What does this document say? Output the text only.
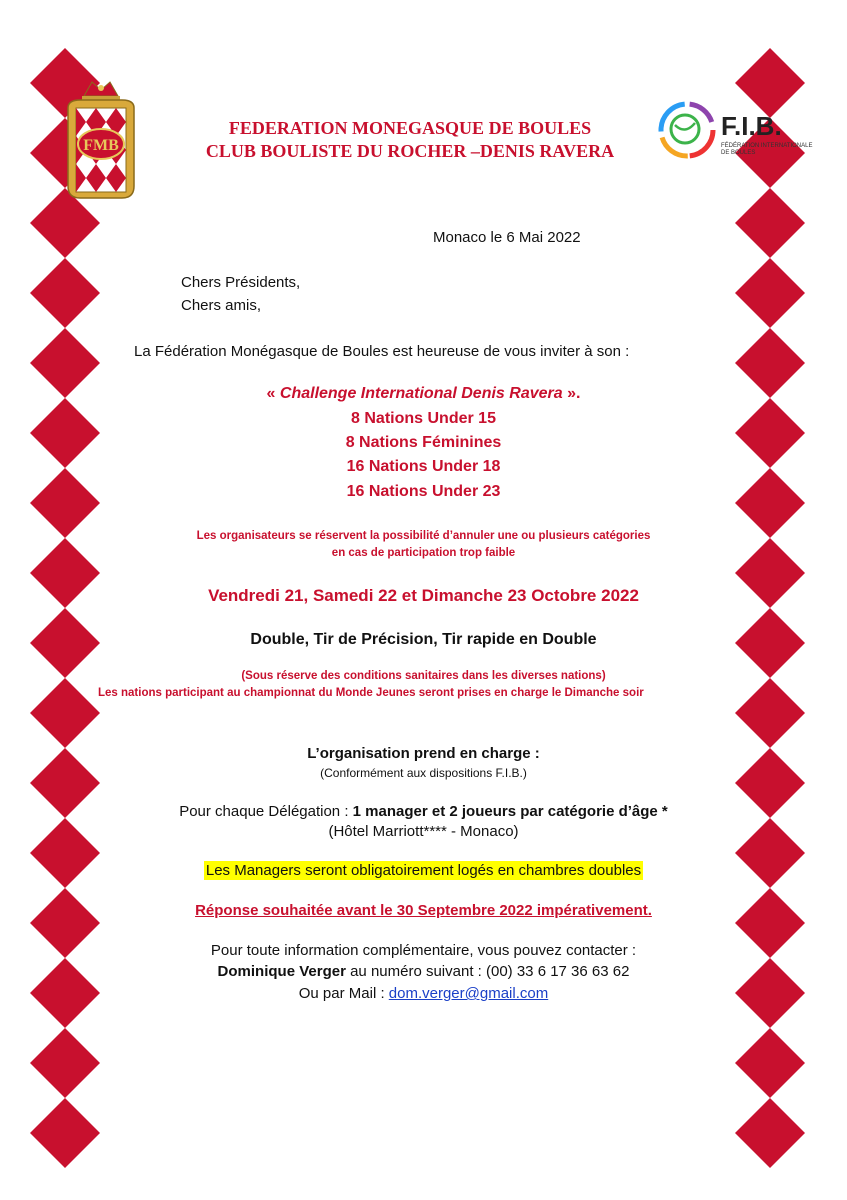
FMB
F.I.B.
FÉDÉRATION INTERNATIONALE
DE BOULES
FEDERATION MONEGASQUE DE BOULES
CLUB BOULISTE DU ROCHER –DENIS RAVERA
Monaco le 6 Mai 2022
Chers Présidents,
Chers amis,
La Fédération Monégasque de Boules est heureuse de vous inviter à son :
« Challenge International Denis Ravera ».
8 Nations Under 15
8 Nations Féminines
16 Nations Under 18
16 Nations Under 23
Les organisateurs se réservent la possibilité d’annuler une ou plusieurs catégories
en cas de participation trop faible
Vendredi 21, Samedi 22 et Dimanche 23 Octobre 2022
Double, Tir de Précision, Tir rapide en Double
(Sous réserve des conditions sanitaires dans les diverses nations)
Les nations participant au championnat du Monde Jeunes seront prises en charge le Dimanche soir
L’organisation prend en charge :
(Conformément aux dispositions F.I.B.)
Pour chaque Délégation : 1 manager et 2 joueurs par catégorie d’âge *
(Hôtel Marriott**** - Monaco)
Les Managers seront obligatoirement logés en chambres doubles
Réponse souhaitée avant le 30 Septembre 2022 impérativement.
Pour toute information complémentaire, vous pouvez contacter :
Dominique Verger au numéro suivant : (00) 33 6 17 36 63 62
Ou par Mail : dom.verger@gmail.com
